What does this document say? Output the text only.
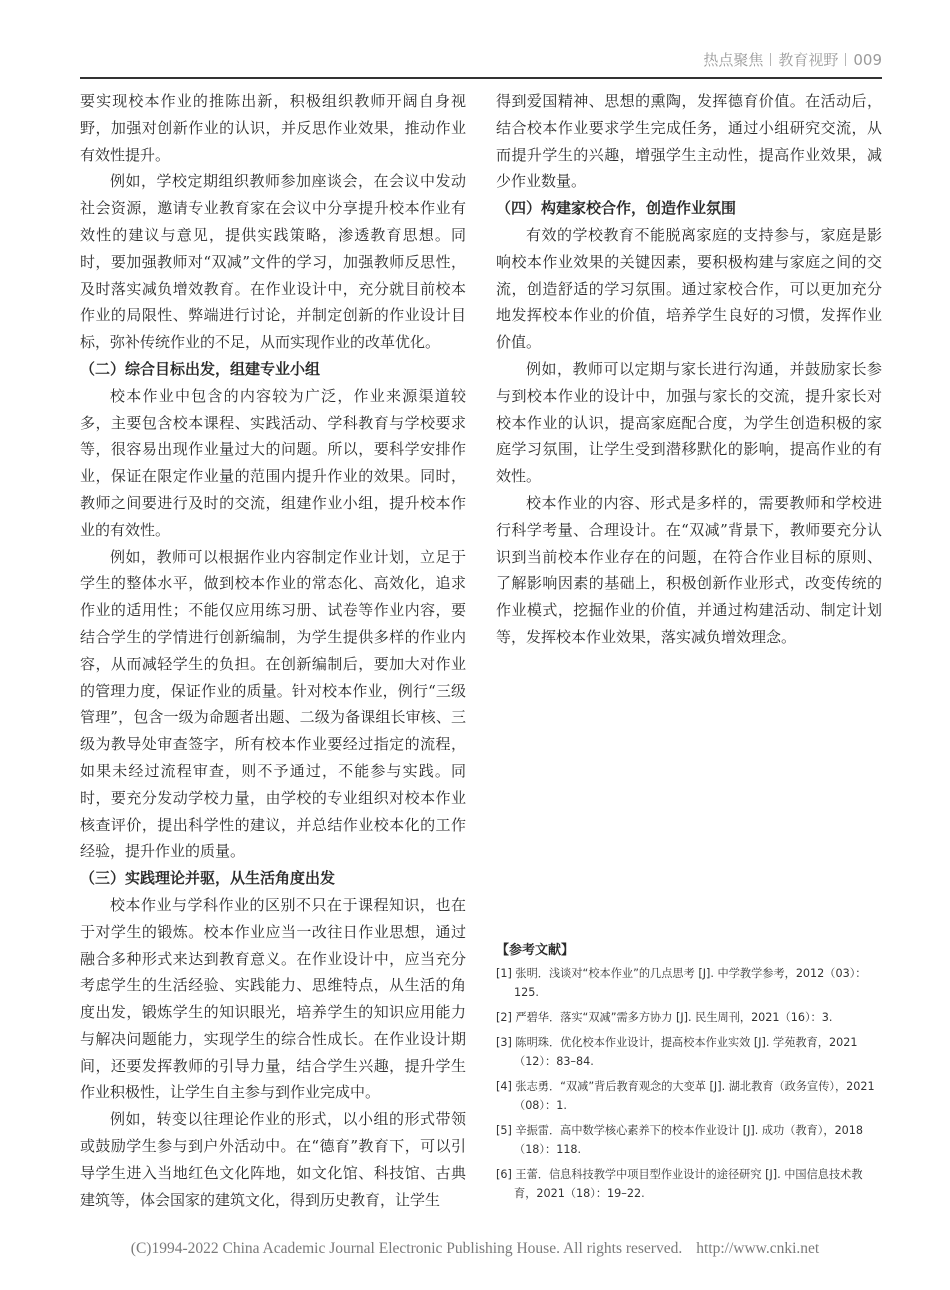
热点聚焦 教育视野 009

要实现校本作业的推陈出新，积极组织教师开阔自身视野，加强对创新作业的认识，并反思作业效果，推动作业有效性提升。

例如，学校定期组织教师参加座谈会，在会议中发动社会资源，邀请专业教育家在会议中分享提升校本作业有效性的建议与意见，提供实践策略，渗透教育思想。同时，要加强教师对“双减”文件的学习，加强教师反思性，及时落实减负增效教育。在作业设计中，充分就目前校本作业的局限性、弊端进行讨论，并制定创新的作业设计目标，弥补传统作业的不足，从而实现作业的改革优化。

（二）综合目标出发，组建专业小组

校本作业中包含的内容较为广泛，作业来源渠道较多，主要包含校本课程、实践活动、学科教育与学校要求等，很容易出现作业量过大的问题。所以，要科学安排作业，保证在限定作业量的范围内提升作业的效果。同时，教师之间要进行及时的交流，组建作业小组，提升校本作业的有效性。

例如，教师可以根据作业内容制定作业计划，立足于学生的整体水平，做到校本作业的常态化、高效化，追求作业的适用性；不能仅应用练习册、试卷等作业内容，要结合学生的学情进行创新编制，为学生提供多样的作业内容，从而减轻学生的负担。在创新编制后，要加大对作业的管理力度，保证作业的质量。针对校本作业，例行“三级管理”，包含一级为命题者出题、二级为备课组长审核、三级为教导处审查签字，所有校本作业要经过指定的流程，如果未经过流程审查，则不予通过，不能参与实践。同时，要充分发动学校力量，由学校的专业组织对校本作业核查评价，提出科学性的建议，并总结作业校本化的工作经验，提升作业的质量。

（三）实践理论并驱，从生活角度出发

校本作业与学科作业的区别不只在于课程知识，也在于对学生的锻炼。校本作业应当一改往日作业思想，通过融合多种形式来达到教育意义。在作业设计中，应当充分考虑学生的生活经验、实践能力、思维特点，从生活的角度出发，锻炼学生的知识眼光，培养学生的知识应用能力与解决问题能力，实现学生的综合性成长。在作业设计期间，还要发挥教师的引导力量，结合学生兴趣，提升学生作业积极性，让学生自主参与到作业完成中。

例如，转变以往理论作业的形式，以小组的形式带领或鼓励学生参与到户外活动中。在“德育”教育下，可以引导学生进入当地红色文化阵地，如文化馆、科技馆、古典建筑等，体会国家的建筑文化，得到历史教育，让学生

得到爱国精神、思想的熏陶，发挥德育价值。在活动后，结合校本作业要求学生完成任务，通过小组研究交流，从而提升学生的兴趣，增强学生主动性，提高作业效果，减少作业数量。

（四）构建家校合作，创造作业氛围

有效的学校教育不能脱离家庭的支持参与，家庭是影响校本作业效果的关键因素，要积极构建与家庭之间的交流，创造舒适的学习氛围。通过家校合作，可以更加充分地发挥校本作业的价值，培养学生良好的习惯，发挥作业价值。

例如，教师可以定期与家长进行沟通，并鼓励家长参与到校本作业的设计中，加强与家长的交流，提升家长对校本作业的认识，提高家庭配合度，为学生创造积极的家庭学习氛围，让学生受到潜移默化的影响，提高作业的有效性。

校本作业的内容、形式是多样的，需要教师和学校进行科学考量、合理设计。在“双减”背景下，教师要充分认识到当前校本作业存在的问题，在符合作业目标的原则、了解影响因素的基础上，积极创新作业形式，改变传统的作业模式，挖掘作业的价值，并通过构建活动、制定计划等，发挥校本作业效果，落实减负增效理念。

【参考文献】
[1] 张明．浅谈对“校本作业”的几点思考 [J]. 中学教学参考，2012（03）：125.
[2] 严碧华．落实“双减”需多方协力 [J]. 民生周刊，2021（16）：3.
[3] 陈明珠．优化校本作业设计，提高校本作业实效 [J]. 学苑教育，2021（12）：83–84.
[4] 张志勇．“双减”背后教育观念的大变革 [J]. 湖北教育（政务宣传），2021（08）：1.
[5] 辛振雷．高中数学核心素养下的校本作业设计 [J]. 成功（教育），2018（18）：118.
[6] 王蕾．信息科技教学中项目型作业设计的途径研究 [J]. 中国信息技术教育，2021（18）：19–22.
(C)1994-2022 China Academic Journal Electronic Publishing House. All rights reserved. http://www.cnki.net
